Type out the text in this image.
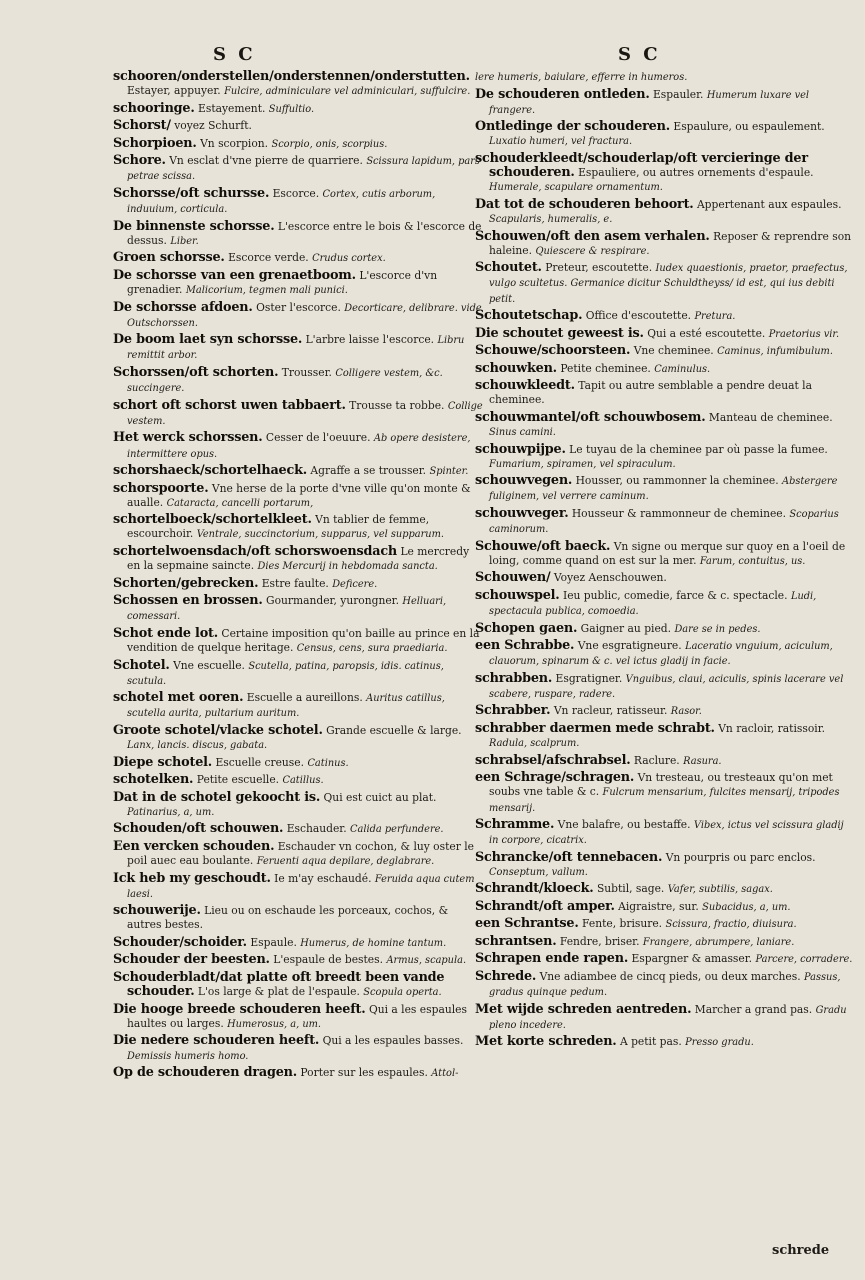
S C	S C

schooren/onderstellen/onderstennen/onderstutten. Estayer, appuyer. Fulcire, adminiculare vel adminiculari, suffulcire.

schooringe. Estayement. Suffultio.

Schorst/ voyez Schurft.

Schorpioen. Vn scorpion. Scorpio, onis, scorpius.

Schore. Vn esclat d'vne pierre de quarriere. Scissura lapidum, pars petrae scissa.

Schorsse/oft schursse. Escorce. Cortex, cutis arborum, induuium, corticula.

De binnenste schorsse. L'escorce entre le bois & l'escorce de dessus. Liber.

Groen schorsse. Escorce verde. Crudus cortex.

De schorsse van een grenaetboom. L'escorce d'vn grenadier. Malicorium, tegmen mali punici.

De schorsse afdoen. Oster l'escorce. Decorticare, delibrare. vide Outschorssen.

De boom laet syn schorsse. L'arbre laisse l'escorce. Libru remittit arbor.

Schorssen/oft schorten. Trousser. Colligere vestem, &c. succingere.

schort oft schorst uwen tabbaert. Trousse ta robbe. Collige vestem.

Het werck schorssen. Cesser de l'oeuure. Ab opere desistere, intermittere opus.

schorshaeck/schortelhaeck. Agraffe a se trousser. Spinter.

schorspoorte. Vne herse de la porte d'vne ville qu'on monte & aualle. Cataracta, cancelli portarum,

schortelboeck/schortelkleet. Vn tablier de femme, escourchoir. Ventrale, succinctorium, supparus, vel supparum.

schortelwoensdach/oft schorswoensdach Le mercredy en la sepmaine saincte. Dies Mercurij in hebdomada sancta.

Schorten/gebrecken. Estre faulte. Deficere.

Schossen en brossen. Gourmander, yurongner. Helluari, comessari.

Schot ende lot. Certaine imposition qu'on baille au prince en la vendition de quelque heritage. Census, cens, sura praediaria.

Schotel. Vne escuelle. Scutella, patina, paropsis, idis. catinus, scutula.

schotel met ooren. Escuelle a aureillons. Auritus catillus, scutella aurita, pultarium auritum.

Groote schotel/vlacke schotel. Grande escuelle & large. Lanx, lancis. discus, gabata.

Diepe schotel. Escuelle creuse. Catinus.

schotelken. Petite escuelle. Catillus.

Dat in de schotel gekoocht is. Qui est cuict au plat. Patinarius, a, um.

Schouden/oft schouwen. Eschauder. Calida perfundere.

Een vercken schouden. Eschauder vn cochon, & luy oster le poil auec eau boulante. Feruenti aqua depilare, deglabrare.

Ick heb my geschoudt. Ie m'ay eschaudé. Feruida aqua cutem laesi.

schouwerije. Lieu ou on eschaude les porceaux, cochos, & autres bestes.

Schouder/schoider. Espaule. Humerus, de homine tantum.

Schouder der beesten. L'espaule de bestes. Armus, scapula.

Schouderbladt/dat platte oft breedt been vande schouder. L'os large & plat de l'espaule. Scopula operta.

Die hooge breede schouderen heeft. Qui a les espaules haultes ou larges. Humerosus, a, um.

Die nedere schouderen heeft. Qui a les espaules basses. Demissis humeris homo.

Op de schouderen dragen. Porter sur les espaules. Attol-

lere humeris, baiulare, efferre in humeros.

De schouderen ontleden. Espauler. Humerum luxare vel frangere.

Ontledinge der schouderen. Espaulure, ou espaulement. Luxatio humeri, vel fractura.

schouderkleedt/schouderlap/oft vercieringe der schouderen. Espauliere, ou autres ornements d'espaule. Humerale, scapulare ornamentum.

Dat tot de schouderen behoort. Appertenant aux espaules. Scapularis, humeralis, e.

Schouwen/oft den asem verhalen. Reposer & reprendre son haleine. Quiescere & respirare.

Schoutet. Preteur, escoutette. Iudex quaestionis, praetor, praefectus, vulgo scultetus. Germanice dicitur Schuldtheyss/ id est, qui ius debiti petit.

Schoutetschap. Office d'escoutette. Pretura.

Die schoutet geweest is. Qui a esté escoutette. Praetorius vir.

Schouwe/schoorsteen. Vne cheminee. Caminus, infumibulum.

schouwken. Petite cheminee. Caminulus.

schouwkleedt. Tapit ou autre semblable a pendre deuat la cheminee.

schouwmantel/oft schouwbosem. Manteau de cheminee. Sinus camini.

schouwpijpe. Le tuyau de la cheminee par où passe la fumee. Fumarium, spiramen, vel spiraculum.

schouwvegen. Housser, ou rammonner la cheminee. Abstergere fuliginem, vel verrere caminum.

schouwveger. Housseur & rammonneur de cheminee. Scoparius caminorum.

Schouwe/oft baeck. Vn signe ou merque sur quoy en a l'oeil de loing, comme quand on est sur la mer. Farum, contuitus, us.

Schouwen/ Voyez Aenschouwen.

schouwspel. Ieu public, comedie, farce & c. spectacle. Ludi, spectacula publica, comoedia.

Schopen gaen. Gaigner au pied. Dare se in pedes.

een Schrabbe. Vne esgratigneure. Laceratio vnguium, aciculum, clauorum, spinarum & c. vel ictus gladij in facie.

schrabben. Esgratigner. Vnguibus, claui, aciculis, spinis lacerare vel scabere, ruspare, radere.

Schrabber. Vn racleur, ratisseur. Rasor.

schrabber daermen mede schrabt. Vn racloir, ratissoir. Radula, scalprum.

schrabsel/afschrabsel. Raclure. Rasura.

een Schrage/schragen. Vn tresteau, ou tresteaux qu'on met soubs vne table & c. Fulcrum mensarium, fulcites mensarij, tripodes mensarij.

Schramme. Vne balafre, ou bestaffe. Vibex, ictus vel scissura gladij in corpore, cicatrix.

Schrancke/oft tennebacen. Vn pourpris ou parc enclos. Conseptum, vallum.

Schrandt/kloeck. Subtil, sage. Vafer, subtilis, sagax.

Schrandt/oft amper. Aigraistre, sur. Subacidus, a, um.

een Schrantse. Fente, brisure. Scissura, fractio, diuisura.

schrantsen. Fendre, briser. Frangere, abrumpere, laniare.

Schrapen ende rapen. Espargner & amasser. Parcere, corradere.

Schrede. Vne adiambee de cincq pieds, ou deux marches. Passus, gradus quinque pedum.

Met wijde schreden aentreden. Marcher a grand pas. Gradu pleno incedere.

Met korte schreden. A petit pas. Presso gradu.

schrede
